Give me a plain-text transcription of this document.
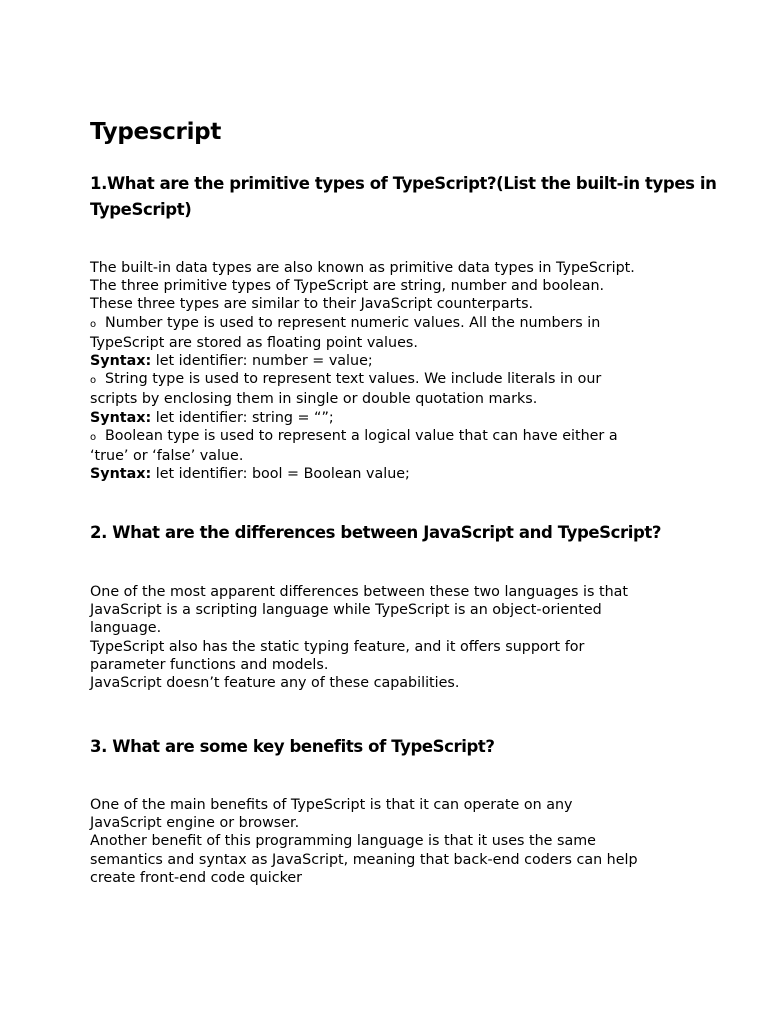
Typescript
1.What are the primitive types of TypeScript?(List the built-in types in
TypeScript)
The built-in data types are also known as primitive data types in TypeScript.
The three primitive types of TypeScript are string, number and boolean.
These three types are similar to their JavaScript counterparts.
o Number type is used to represent numeric values. All the numbers in
TypeScript are stored as floating point values.
Syntax: let identifier: number = value;
o String type is used to represent text values. We include literals in our
scripts by enclosing them in single or double quotation marks.
Syntax: let identifier: string = “”;
o Boolean type is used to represent a logical value that can have either a
‘true’ or ‘false’ value.
Syntax: let identifier: bool = Boolean value;
2. What are the differences between JavaScript and TypeScript?
One of the most apparent differences between these two languages is that
JavaScript is a scripting language while TypeScript is an object-oriented
language.
TypeScript also has the static typing feature, and it offers support for
parameter functions and models.
JavaScript doesn’t feature any of these capabilities.
3. What are some key benefits of TypeScript?
One of the main benefits of TypeScript is that it can operate on any
JavaScript engine or browser.
Another benefit of this programming language is that it uses the same
semantics and syntax as JavaScript, meaning that back-end coders can help
create front-end code quicker
